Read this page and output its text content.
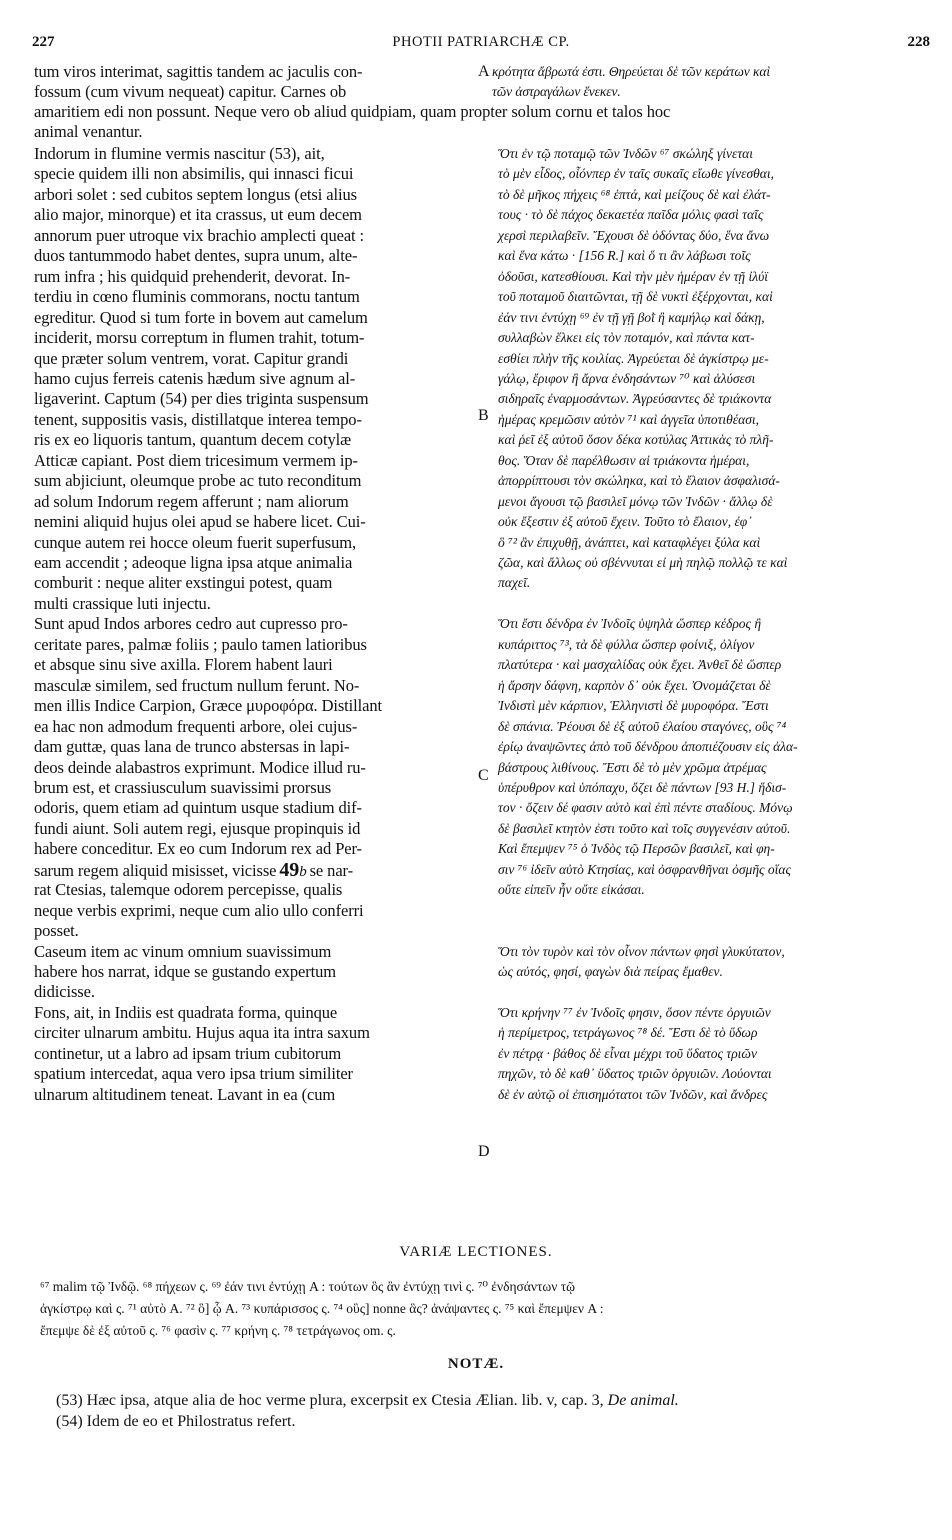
227	PHOTII PATRIARCHÆ CP.	228
tum viros interimat, sagittis tandem ac jaculis con-	A κρότητα ἄβρωτά ἐστι. Θηρεύεται δὲ τῶν κεράτων καὶ
fossum (cum vivum nequeat) capitur. Carnes ob	τῶν ἀστραγάλων ἕνεκεν.
amaritiem edi non possunt. Neque vero ob aliud quidpiam, quam propter solum cornu et talos hoc
animal venantur.
Indorum in flumine vermis nascitur (53), ait,	Ὅτι ἐν τῷ ποταμῷ τῶν Ἰνδῶν ⁶⁷ σκώληξ γίνεται
specie quidem illi non absimilis, qui innasci ficui	τὸ μὲν εἶδος, οἷόνπερ ἐν ταῖς συκαῖς εἴωθε γίνεσθαι,
arbori solet : sed cubitos septem longus (etsi alius	τὸ δὲ μῆκος πήχεις ⁶⁸ ἑπτά, καὶ μείζους δὲ καὶ ἐλάτ-
alio major, minorque) et ita crassus, ut eum decem	τους · τὸ δὲ πάχος δεκαετέα παῖδα μόλις φασὶ ταῖς
annorum puer utroque vix brachio amplecti queat :	χερσὶ περιλαβεῖν. Ἔχουσι δὲ ὀδόντας δύο, ἕνα ἄνω
duos tantummodo habet dentes, supra unum, alte-	καὶ ἕνα κάτω · [156 R.] καὶ ὅ τι ἂν λάβωσι τοῖς
rum infra ; his quidquid prehenderit, devorat. In-	ὀδοῦσι, κατεσθίουσι. Καὶ τὴν μὲν ἡμέραν ἐν τῇ ἰλύϊ
terdiu in cœno fluminis commorans, noctu tantum	τοῦ ποταμοῦ διαιτῶνται, τῇ δὲ νυκτὶ ἐξέρχονται, καὶ
egreditur. Quod si tum forte in bovem aut camelum	ἐάν τινι ἐντύχῃ ⁶⁹ ἐν τῇ γῇ βοῒ ἢ καμήλῳ καὶ δάκῃ,
inciderit, morsu correptum in flumen trahit, totum-	συλλαβὼν ἕλκει εἰς τὸν ποταμόν, καὶ πάντα κατ-
que præter solum ventrem, vorat. Capitur grandi	εσθίει πλὴν τῆς κοιλίας. Ἀγρεύεται δὲ ἀγκίστρῳ με-
hamo cujus ferreis catenis hædum sive agnum al-	γάλῳ, ἔριφον ἢ ἄρνα ἐνδησάντων ⁷⁰ καὶ ἁλύσεσι
ligaverint. Captum (54) per dies triginta suspensum	σιδηραῖς ἐναρμοσάντων. Ἀγρεύσαντες δὲ τριάκοντα
tenent, suppositis vasis, distillatque interea tempo-	ἡμέρας κρεμῶσιν αὐτὸν ⁷¹ καὶ ἀγγεῖα ὑποτιθέασι,
ris ex eo liquoris tantum, quantum decem cotylæ	καὶ ῥεῖ ἐξ αὐτοῦ ὅσον δέκα κοτύλας Ἀττικὰς τὸ πλῆ-
Atticæ capiant. Post diem tricesimum vermem ip-	θος. Ὅταν δὲ παρέλθωσιν αἱ τριάκοντα ἡμέραι,
sum abjiciunt, oleumque probe ac tuto reconditum	ἀπορρίπτουσι τὸν σκώληκα, καὶ τὸ ἔλαιον ἀσφαλισά-
ad solum Indorum regem afferunt ; nam aliorum	μενοι ἄγουσι τῷ βασιλεῖ μόνῳ τῶν Ἰνδῶν · ἄλλῳ δὲ
nemini aliquid hujus olei apud se habere licet. Cui-	οὐκ ἔξεστιν ἐξ αὐτοῦ ἔχειν. Τοῦτο τὸ ἔλαιον, ἐφ᾽
cunque autem rei hocce oleum fuerit superfusum,	ὃ ⁷² ἂν ἐπιχυθῇ, ἀνάπτει, καὶ καταφλέγει ξύλα καὶ
eam accendit ; adeoque ligna ipsa atque animalia	ζῶα, καὶ ἄλλως οὐ σβέννυται εἰ μὴ πηλῷ πολλῷ τε καὶ
comburit : neque aliter exstingui potest, quam	παχεῖ.
multi crassique luti injectu.
Sunt apud Indos arbores cedro aut cupresso pro-	Ὅτι ἔστι δένδρα ἐν Ἰνδοῖς ὑψηλὰ ὥσπερ κέδρος ἢ
ceritate pares, palmæ foliis ; paulo tamen latioribus	κυπάριττος ⁷³, τὰ δὲ φύλλα ὥσπερ φοίνιξ, ὀλίγον
et absque sinu sive axilla. Florem habent lauri	πλατύτερα · καὶ μασχαλίδας οὐκ ἔχει. Ἀνθεῖ δὲ ὥσπερ
masculæ similem, sed fructum nullum ferunt. No-	ἡ ἄρσην δάφνη, καρπὸν δ᾽ οὐκ ἔχει. Ὀνομάζεται δὲ
men illis Indice Carpion, Græce μυροφόρα. Distillant	Ἰνδιστὶ μὲν κάρπιον, Ἑλληνιστὶ δὲ μυροφόρα. Ἔστι
ea hac non admodum frequenti arbore, olei cujus-	δὲ σπάνια. Ῥέουσι δὲ ἐξ αὐτοῦ ἐλαίου σταγόνες, οὓς ⁷⁴
dam guttæ, quas lana de trunco abstersas in lapi-	ἐρίῳ ἀναψῶντες ἀπὸ τοῦ δένδρου ἀποπιέζουσιν εἰς ἀλα-
deos deinde alabastros exprimunt. Modice illud ru-	βάστρους λιθίνους. Ἔστι δὲ τὸ μὲν χρῶμα ἀτρέμας
brum est, et crassiusculum suavissimi prorsus	ὑπέρυθρον καὶ ὑπόπαχυ, ὄζει δὲ πάντων [93 H.] ἥδισ-
odoris, quem etiam ad quintum usque stadium dif-	τον · ὄζειν δέ φασιν αὐτὸ καὶ ἐπὶ πέντε σταδίους. Μόνῳ
fundi aiunt. Soli autem regi, ejusque propinquis id	δὲ βασιλεῖ κτητὸν ἐστι τοῦτο καὶ τοῖς συγγενέσιν αὐτοῦ.
habere conceditur. Ex eo cum Indorum rex ad Per-	Καὶ ἔπεμψεν ⁷⁵ ὁ Ἰνδὸς τῷ Περσῶν βασιλεῖ, καὶ φη-
sarum regem aliquid misisset, vicisse 49b se nar-	σιν ⁷⁶ ἰδεῖν αὐτὸ Κτησίας, καὶ ὀσφρανθῆναι ὀσμῆς οἵας
rat Ctesias, talemque odorem percepisse, qualis	οὔτε εἰπεῖν ἦν οὔτε εἰκάσαι.
neque verbis exprimi, neque cum alio ullo conferri
posset.
Caseum item ac vinum omnium suavissimum	Ὅτι τὸν τυρὸν καὶ τὸν οἶνον πάντων φησὶ γλυκύτατον,
habere hos narrat, idque se gustando expertum	ὡς αὐτός, φησί, φαγὼν διὰ πείρας ἔμαθεν.
didicisse.
Fons, ait, in Indiis est quadrata forma, quinque	Ὅτι κρήνην ⁷⁷ ἐν Ἰνδοῖς φησιν, ὅσον πέντε ὀργυιῶν
circiter ulnarum ambitu. Hujus aqua ita intra saxum	ἡ περίμετρος, τετράγωνος ⁷⁸ δέ. Ἔστι δὲ τὸ ὕδωρ
continetur, ut a labro ad ipsam trium cubitorum	ἐν πέτρᾳ · βάθος δὲ εἶναι μέχρι τοῦ ὕδατος τριῶν
spatium intercedat, aqua vero ipsa trium similiter	πηχῶν, τὸ δὲ καθ᾽ ὕδατος τριῶν ὀργυιῶν. Λούονται
ulnarum altitudinem teneat. Lavant in ea (cum	δὲ ἐν αὐτῷ οἱ ἐπισημότατοι τῶν Ἰνδῶν, καὶ ἄνδρες
B
C
D
VARIÆ LECTIONES.
⁶⁷ malim τῷ Ἰνδῷ. ⁶⁸ πήχεων ς. ⁶⁹ ἐάν τινι ἐντύχῃ A : τούτων ὃς ἂν ἐντύχῃ τινὶ ς. ⁷⁰ ἐνδησάντων τῷ
ἀγκίστρῳ καὶ ς. ⁷¹ αὐτὸ A. ⁷² ὃ] ᾧ A. ⁷³ κυπάρισσος ς. ⁷⁴ οὓς] nonne ἃς? ἀνάψαντες ς. ⁷⁵ καὶ ἔπεμψεν A :
ἔπεμψε δὲ ἐξ αὐτοῦ ς. ⁷⁶ φασὶν ς. ⁷⁷ κρήνη ς. ⁷⁸ τετράγωνος om. ς.
NOTÆ.
(53) Hæc ipsa, atque alia de hoc verme plura, excerpsit ex Ctesia Ælian. lib. v, cap. 3, De animal.
(54) Idem de eo et Philostratus refert.
